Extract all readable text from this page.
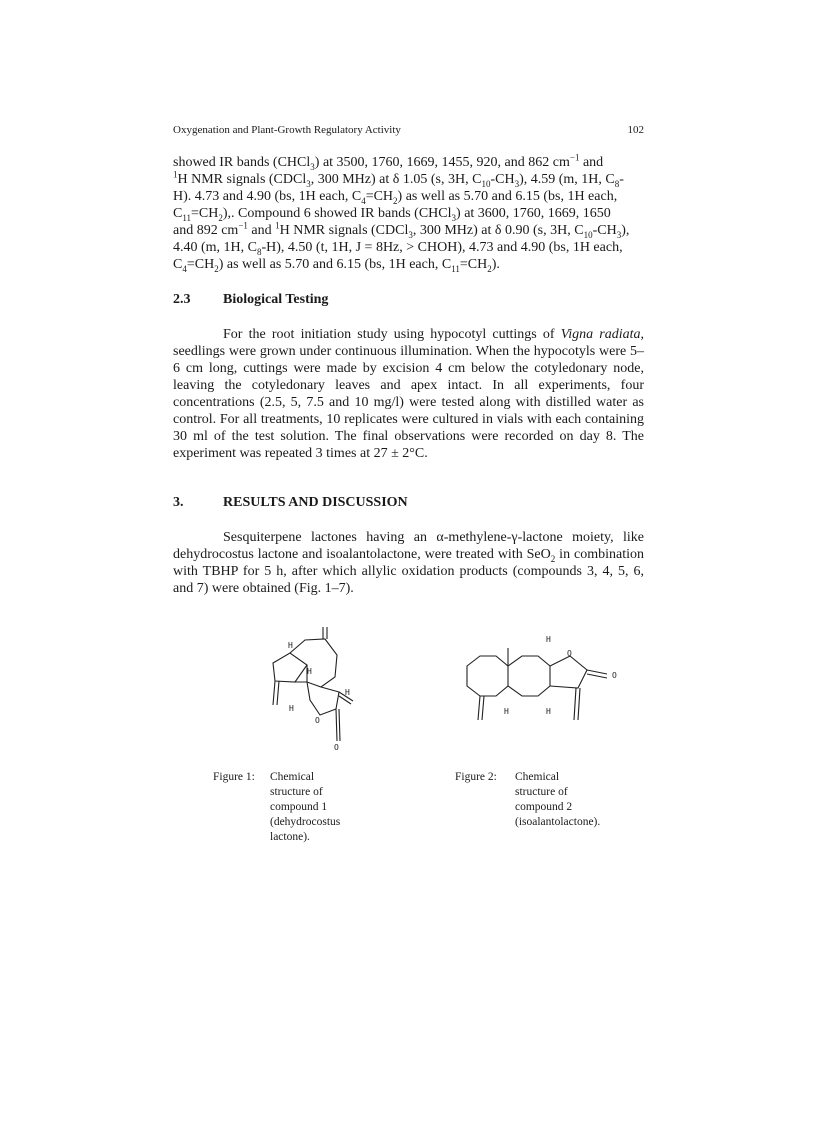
Oxygenation and Plant-Growth Regulatory Activity	102
showed IR bands (CHCl$_3$) at 3500, 1760, 1669, 1455, 920, and 862 $cm^{-1}$ and
$^1$H NMR signals (CDCl$_3$, 300 MHz) at δ 1.05 (s, 3H, $C_{10}-CH_3$), 4.59 (m, 1H, $C_8-$
H). 4.73 and 4.90 (bs, 1H each, $C_4=CH_2$) as well as 5.70 and 6.15 (bs, 1H each,
$C_{11}=CH_2$),. Compound 6 showed IR bands (CHCl$_3$) at 3600, 1760, 1669, 1650
and 892 $cm^{-1}$ and $^1$H NMR signals (CDCl$_3$, 300 MHz) at δ 0.90 (s, 3H, $C_{10}-CH_3$),
4.40 (m, 1H, $C_8-H$), 4.50 (t, 1H, J = 8Hz, > CHOH), 4.73 and 4.90 (bs, 1H each,
$C_4=CH_2$) as well as 5.70 and 6.15 (bs, 1H each, $C_{11}=CH_2$).
2.3 Biological Testing
For the root initiation study using hypocotyl cuttings of Vigna radiata, seedlings were grown under continuous illumination. When the hypocotyls were 5–6 cm long, cuttings were made by excision 4 cm below the cotyledonary node, leaving the cotyledonary leaves and apex intact. In all experiments, four concentrations (2.5, 5, 7.5 and 10 mg/l) were tested along with distilled water as control. For all treatments, 10 replicates were cultured in vials with each containing 30 ml of the test solution. The final observations were recorded on day 8. The experiment was repeated 3 times at 27 ± 2°C.
3.	RESULTS AND DISCUSSION
Sesquiterpene lactones having an α-methylene-γ-lactone moiety, like dehydrocostus lactone and isoalantolactone, were treated with SeO$_2$ in combination with TBHP for 5 h, after which allylic oxidation products (compounds 3, 4, 5, 6, and 7) were obtained (Fig. 1–7).
H
H
H
H
O
O
H
O
O
H	H
Figure 1: Chemical structure of
compound 1
(dehydrocostus
lactone).
Figure 2: Chemical structure of
compound 2
(isoalantolactone).
